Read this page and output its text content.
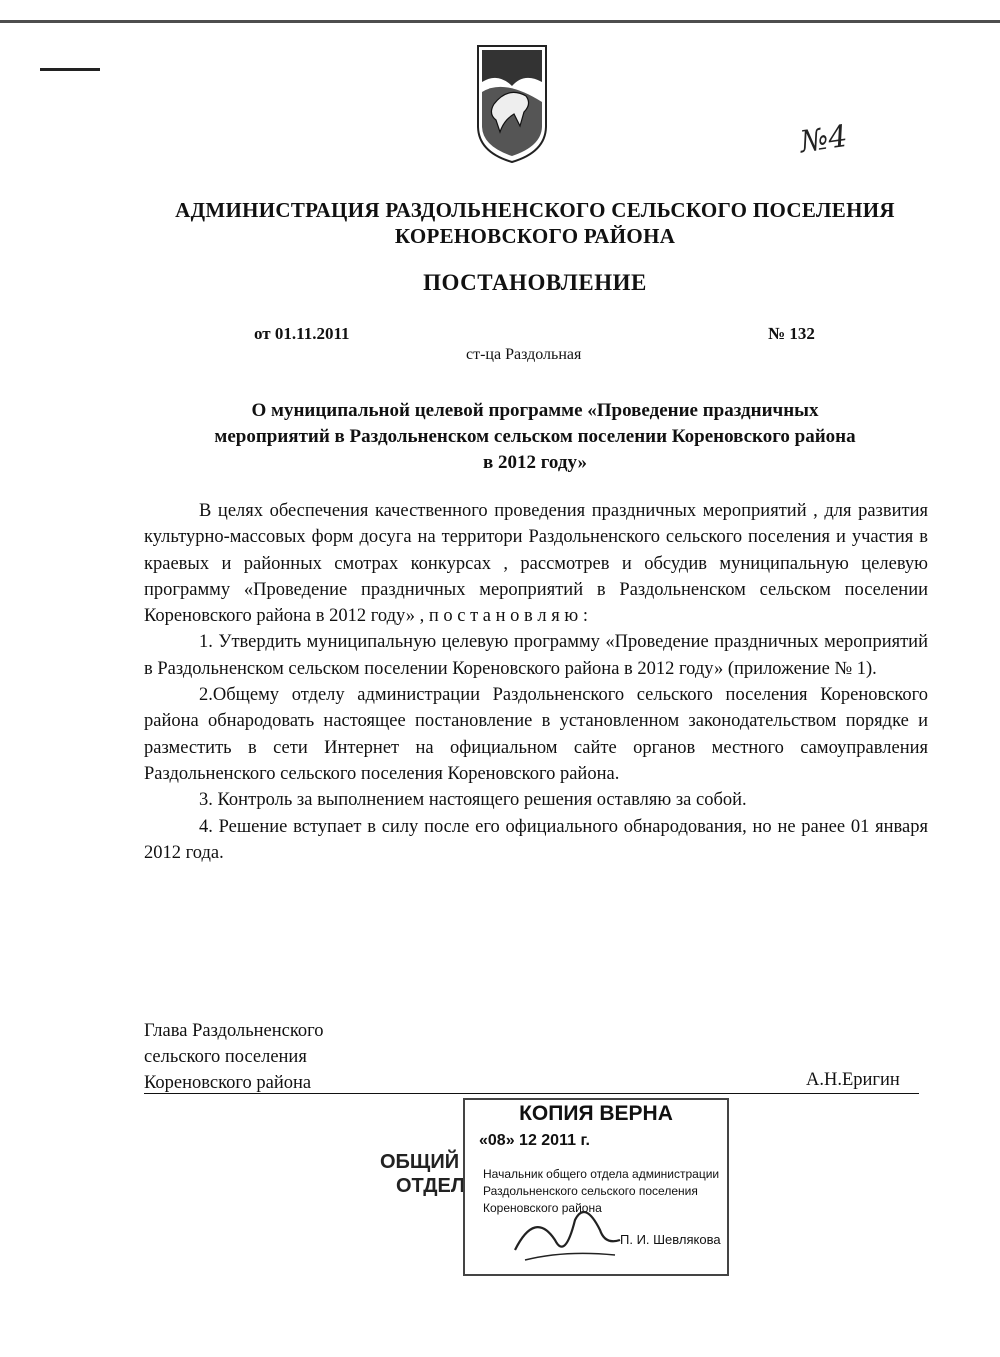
№4
АДМИНИСТРАЦИЯ РАЗДОЛЬНЕНСКОГО СЕЛЬСКОГО ПОСЕЛЕНИЯ
КОРЕНОВСКОГО РАЙОНА
ПОСТАНОВЛЕНИЕ
от 01.11.2011	№ 132
ст-ца Раздольная
О муниципальной целевой программе «Проведение праздничных
мероприятий в Раздольненском сельском поселении Кореновского района
в 2012 году»

В целях обеспечения качественного проведения праздничных мероприятий , для развития культурно-массовых форм досуга на территори Раздольненского сельского поселения и участия в краевых и районных смотрах конкурсах , рассмотрев и обсудив муниципальную целевую программу «Проведение праздничных мероприятий в Раздольненском сельском поселении Кореновского района в 2012 году» , п о с т а н о в л я ю :

1. Утвердить муниципальную целевую программу «Проведение праздничных мероприятий в Раздольненском сельском поселении Кореновского района в 2012 году» (приложение № 1).

2.Общему отделу администрации Раздольненского сельского поселения Кореновского района обнародовать настоящее постановление в установленном законодательством порядке и разместить в сети Интернет на официальном сайте органов местного самоуправления Раздольненского сельского поселения Кореновского района.

3. Контроль за выполнением настоящего решения оставляю за собой.

4. Решение вступает в силу после его официального обнародования, но не ранее 01 января 2012 года.

Глава Раздольненского
сельского поселения
Кореновского района	А.Н.Еригин
ОБЩИЙ
ОТДЕЛ
КОПИЯ ВЕРНА
«08» 12 2011 г.
Начальник общего отдела администрации
Раздольненского сельского поселения
Кореновского района
П. И. Шевлякова
